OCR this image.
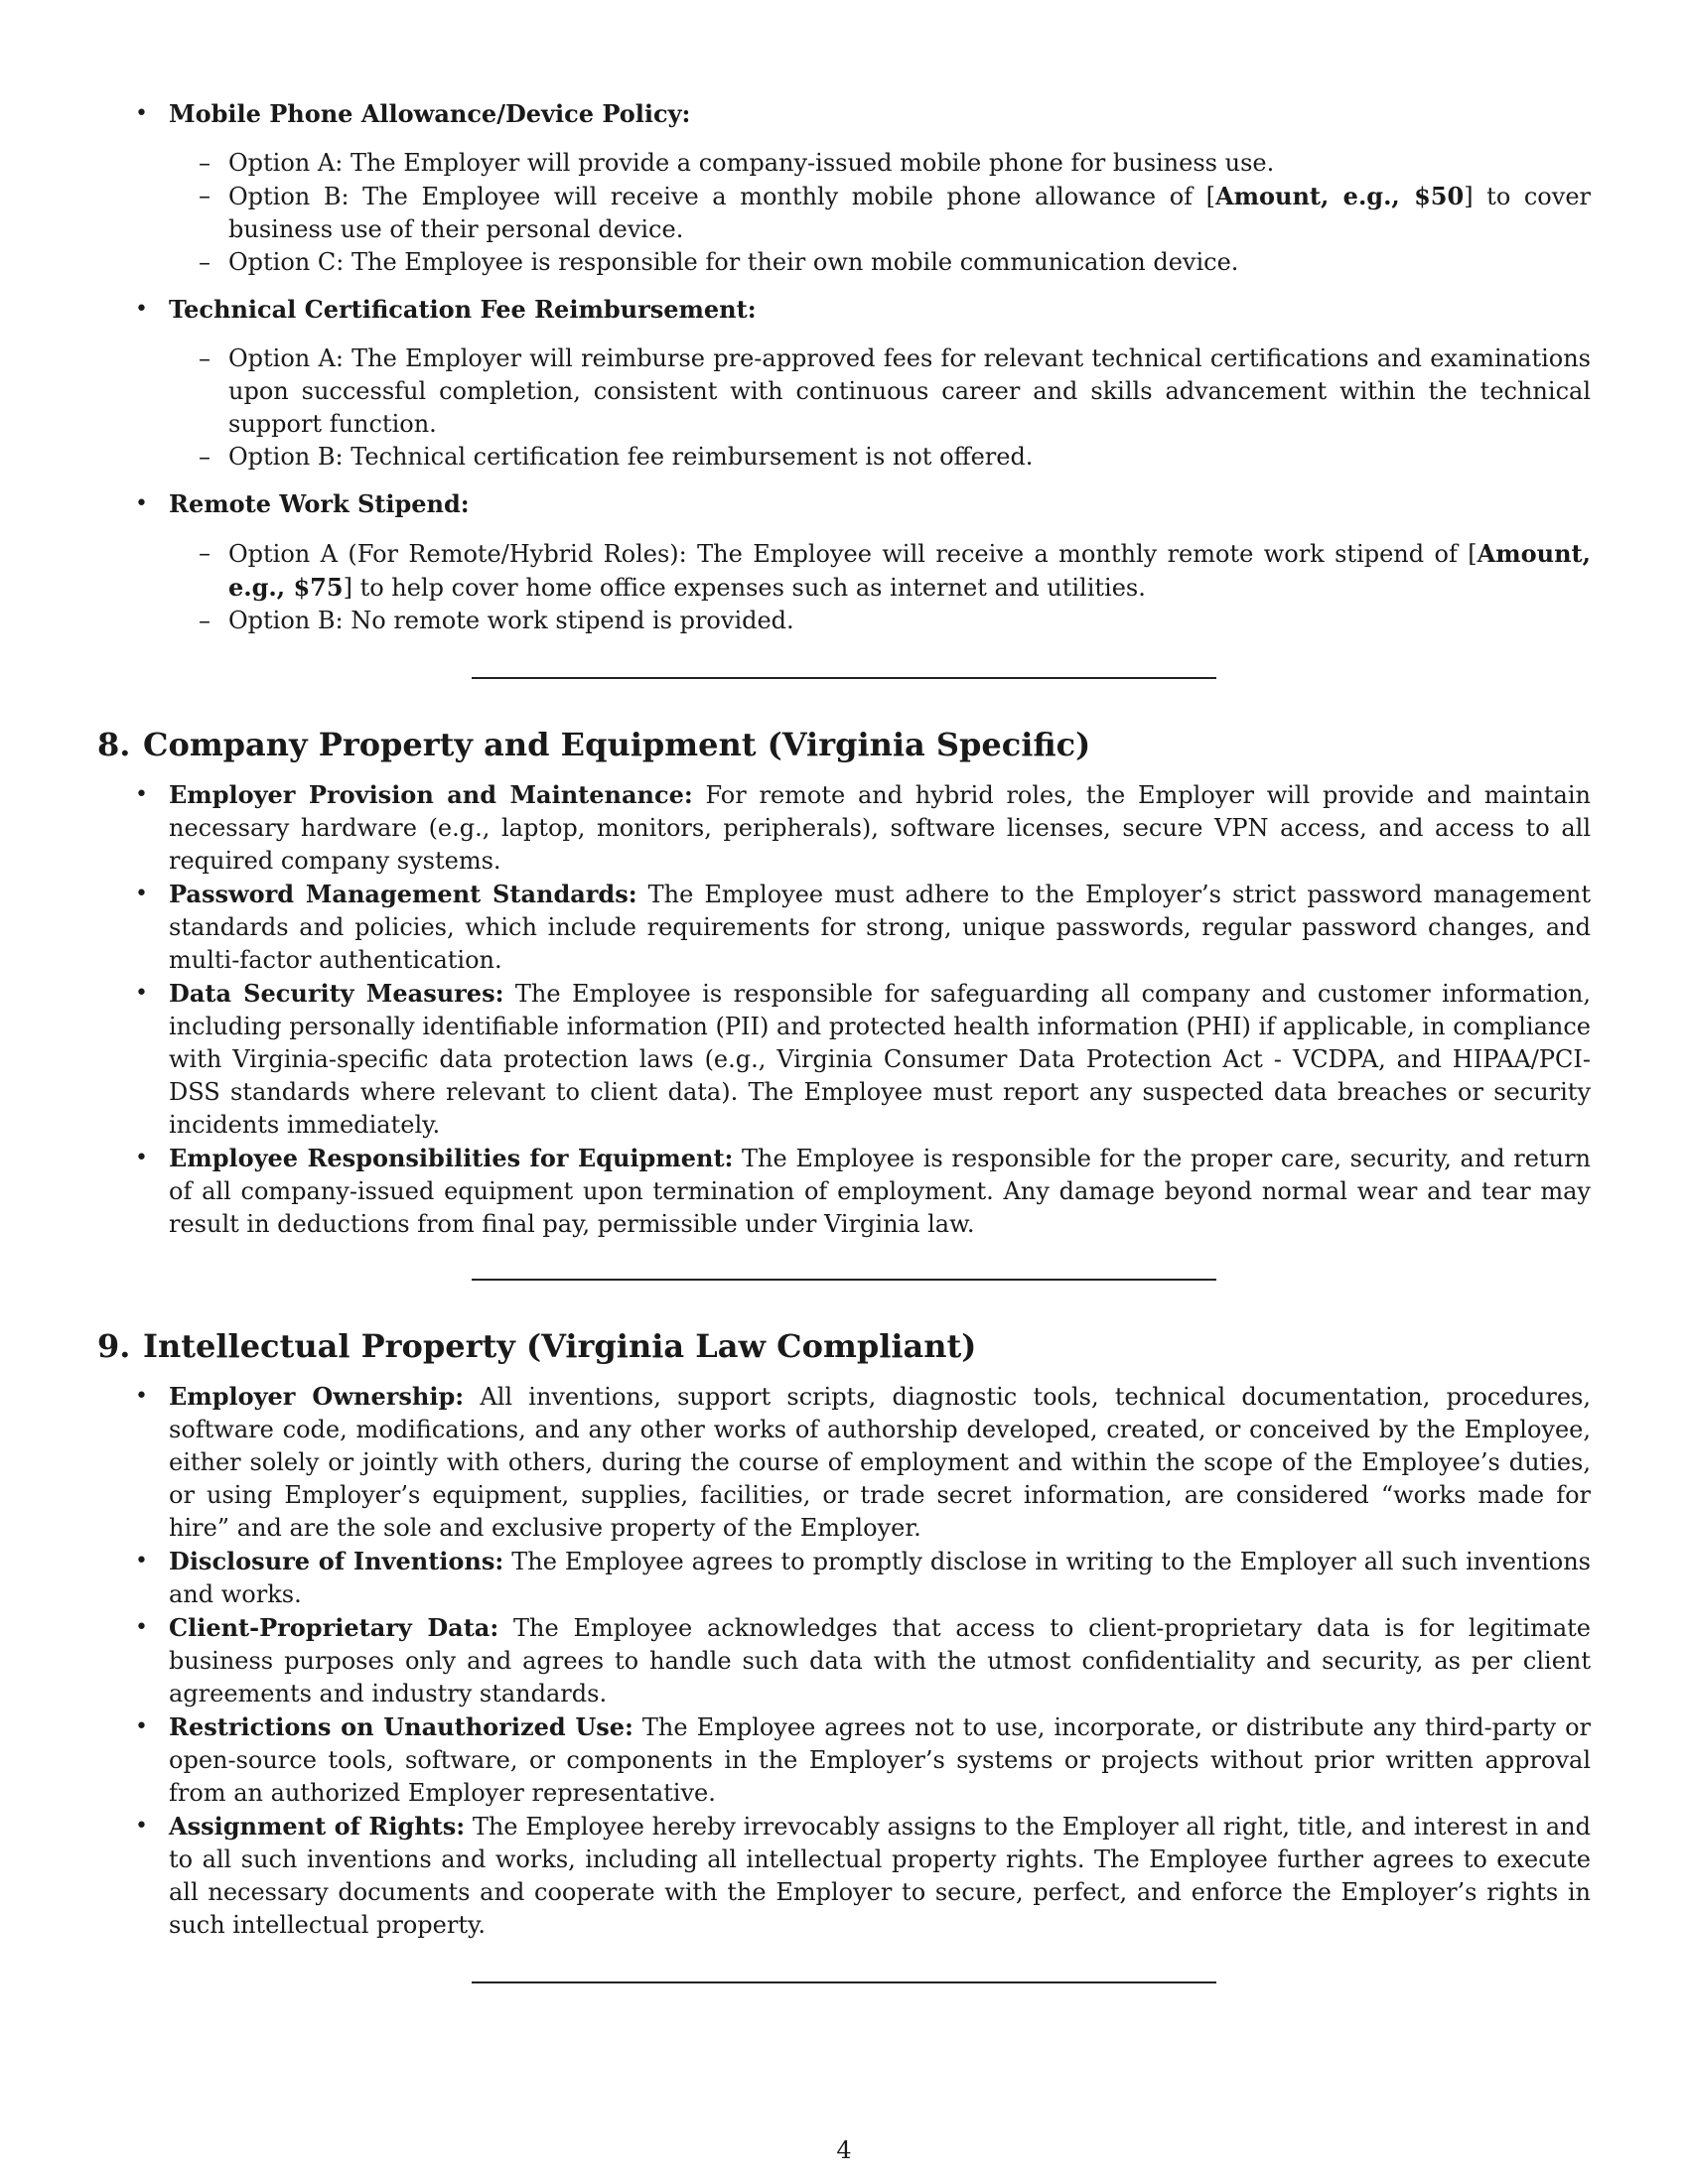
• Mobile Phone Allowance/Device Policy:
– Option A: The Employer will provide a company-issued mobile phone for business use.
– Option B: The Employee will receive a monthly mobile phone allowance of [Amount, e.g., $50] to cover business use of their personal device.
– Option C: The Employee is responsible for their own mobile communication device.
• Technical Certification Fee Reimbursement:
– Option A: The Employer will reimburse pre-approved fees for relevant technical certifications and examinations upon successful completion, consistent with continuous career and skills advancement within the technical support function.
– Option B: Technical certification fee reimbursement is not offered.
• Remote Work Stipend:
– Option A (For Remote/Hybrid Roles): The Employee will receive a monthly remote work stipend of [Amount, e.g., $75] to help cover home office expenses such as internet and utilities.
– Option B: No remote work stipend is provided.
8. Company Property and Equipment (Virginia Specific)
• Employer Provision and Maintenance: For remote and hybrid roles, the Employer will provide and maintain necessary hardware (e.g., laptop, monitors, peripherals), software licenses, secure VPN access, and access to all required company systems.
• Password Management Standards: The Employee must adhere to the Employer’s strict password management standards and policies, which include requirements for strong, unique passwords, regular password changes, and multi-factor authentication.
• Data Security Measures: The Employee is responsible for safeguarding all company and customer information, including personally identifiable information (PII) and protected health information (PHI) if applicable, in compliance with Virginia-specific data protection laws (e.g., Virginia Consumer Data Protection Act - VCDPA, and HIPAA/PCI-DSS standards where relevant to client data). The Employee must report any suspected data breaches or security incidents immediately.
• Employee Responsibilities for Equipment: The Employee is responsible for the proper care, security, and return of all company-issued equipment upon termination of employment. Any damage beyond normal wear and tear may result in deductions from final pay, permissible under Virginia law.
9. Intellectual Property (Virginia Law Compliant)
• Employer Ownership: All inventions, support scripts, diagnostic tools, technical documentation, procedures, software code, modifications, and any other works of authorship developed, created, or conceived by the Employee, either solely or jointly with others, during the course of employment and within the scope of the Employee’s duties, or using Employer’s equipment, supplies, facilities, or trade secret information, are considered “works made for hire” and are the sole and exclusive property of the Employer.
• Disclosure of Inventions: The Employee agrees to promptly disclose in writing to the Employer all such inventions and works.
• Client-Proprietary Data: The Employee acknowledges that access to client-proprietary data is for legitimate business purposes only and agrees to handle such data with the utmost confidentiality and security, as per client agreements and industry standards.
• Restrictions on Unauthorized Use: The Employee agrees not to use, incorporate, or distribute any third-party or open-source tools, software, or components in the Employer’s systems or projects without prior written approval from an authorized Employer representative.
• Assignment of Rights: The Employee hereby irrevocably assigns to the Employer all right, title, and interest in and to all such inventions and works, including all intellectual property rights. The Employee further agrees to execute all necessary documents and cooperate with the Employer to secure, perfect, and enforce the Employer’s rights in such intellectual property.
4
